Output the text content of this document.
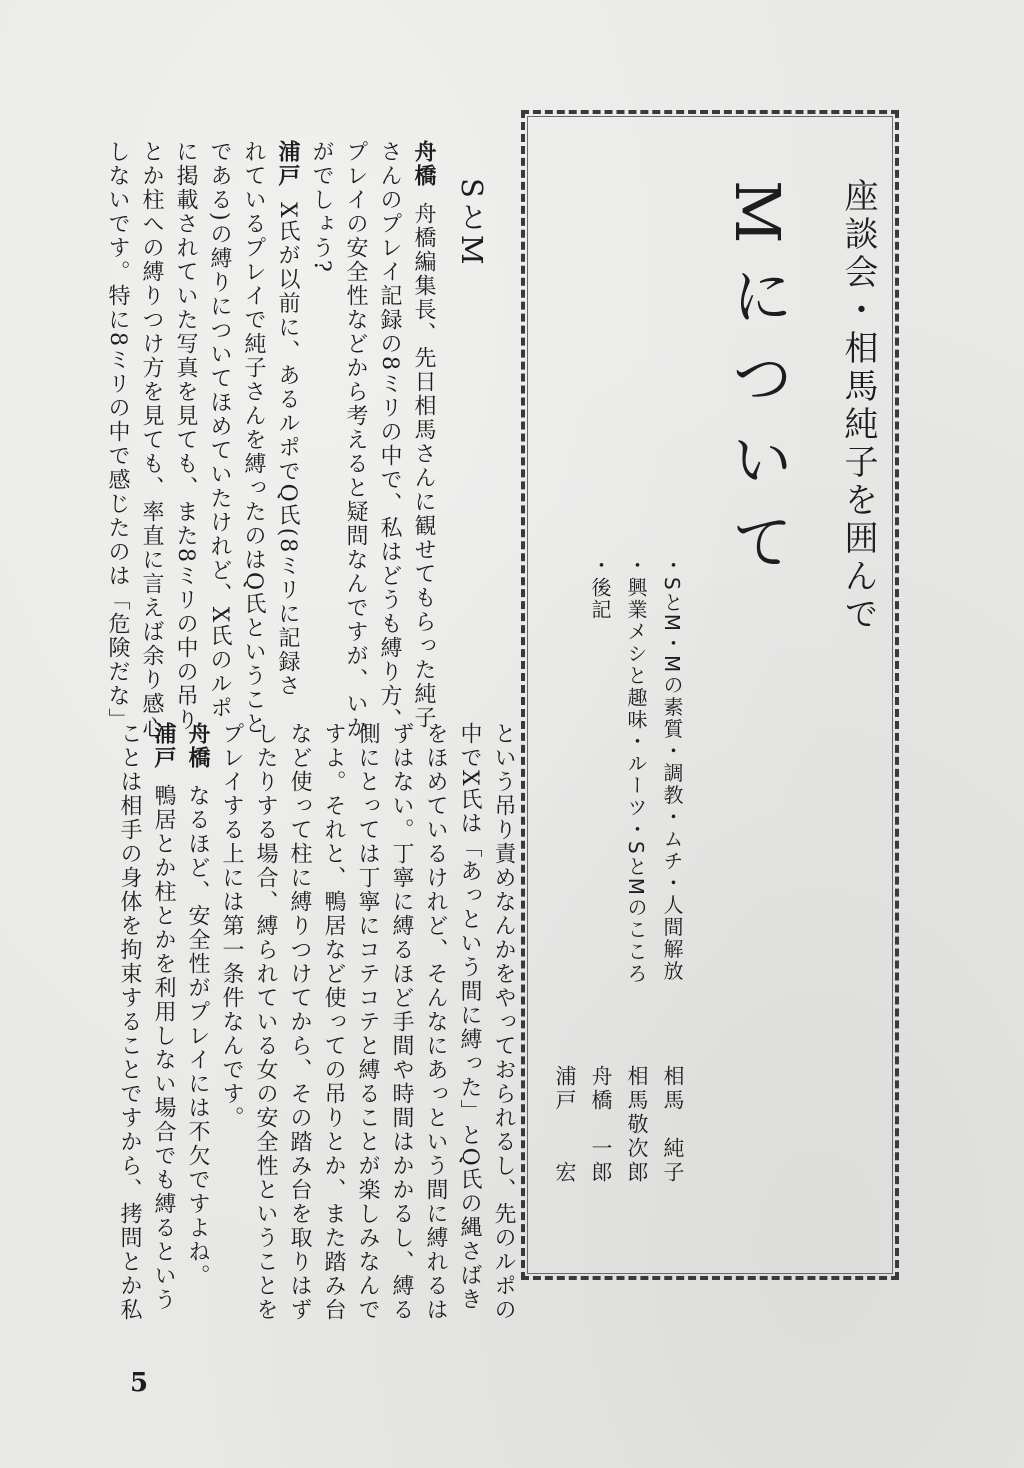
座談会・相馬純子を囲んで
Mについて
・SとM・Mの素質・調教・ムチ・人間解放
・興業メシと趣味・ルーツ・SとMのこころ
・後記
相馬　純子
相馬敬次郎
舟橋　一郎
浦戸　　宏
SとM
舟橋舟橋編集長、先日相馬さんに観せてもらった純子
さんのプレイ記録の8ミリの中で、私はどうも縛り方、
プレイの安全性などから考えると疑問なんですが、いか
がでしょう?
浦戸X氏が以前に、あるルポでQ氏(8ミリに記録さ
れているプレイで純子さんを縛ったのはQ氏ということ
である)の縛りについてほめていたけれど、X氏のルポ
に掲載されていた写真を見ても、また8ミリの中の吊り
とか柱への縛りつけ方を見ても、率直に言えば余り感心
しないです。特に8ミリの中で感じたのは「危険だな」
という吊り責めなんかをやっておられるし、先のルポの
中でX氏は「あっという間に縛った」とQ氏の縄さばき
をほめているけれど、そんなにあっという間に縛れるは
ずはない。丁寧に縛るほど手間や時間はかかるし、縛る
側にとっては丁寧にコテコテと縛ることが楽しみなんで
すよ。それと、鴨居など使っての吊りとか、また踏み台
など使って柱に縛りつけてから、その踏み台を取りはず
したりする場合、縛られている女の安全性ということを
プレイする上には第一条件なんです。
舟橋なるほど、安全性がプレイには不欠ですよね。
浦戸鴨居とか柱とかを利用しない場合でも縛るという
ことは相手の身体を拘束することですから、拷問とか私
5
